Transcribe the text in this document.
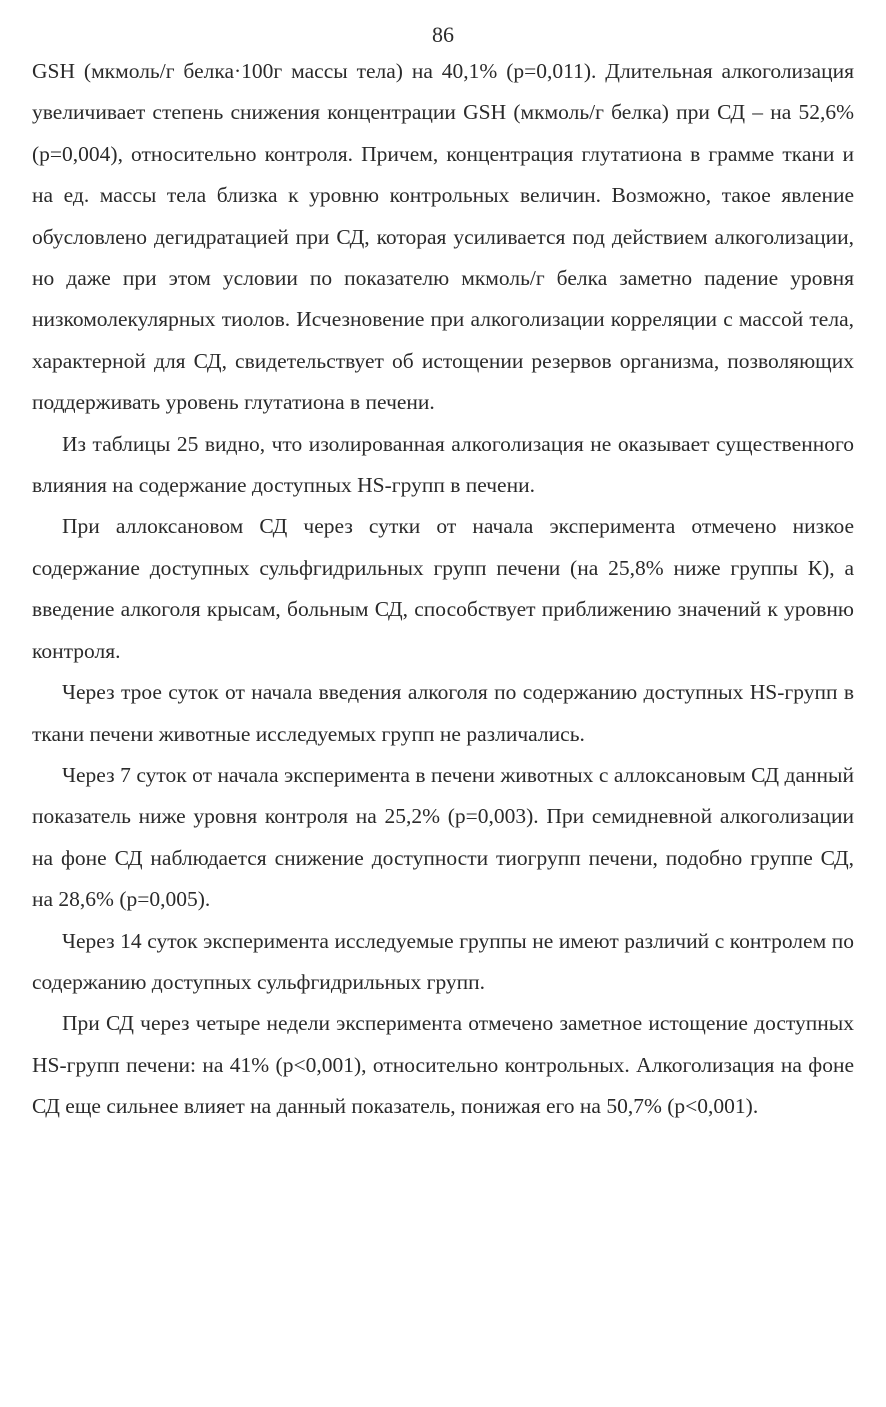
86

GSH (мкмоль/г белка·100г массы тела) на 40,1% (p=0,011). Длительная алкоголизация увеличивает степень снижения концентрации GSH (мкмоль/г белка) при СД – на 52,6% (p=0,004), относительно контроля. Причем, концентрация глутатиона в грамме ткани и на ед. массы тела близка к уровню контрольных величин. Возможно, такое явление обусловлено дегидратацией при СД, которая усиливается под действием алкоголизации, но даже при этом условии по показателю мкмоль/г белка заметно падение уровня низкомолекулярных тиолов. Исчезновение при алкоголизации корреляции с массой тела, характерной для СД, свидетельствует об истощении резервов организма, позволяющих поддерживать уровень глутатиона в печени.

Из таблицы 25 видно, что изолированная алкоголизация не оказывает существенного влияния на содержание доступных HS-групп в печени.

При аллоксановом СД через сутки от начала эксперимента отмечено низкое содержание доступных сульфгидрильных групп печени (на 25,8% ниже группы К), а введение алкоголя крысам, больным СД, способствует приближению значений к уровню контроля.

Через трое суток от начала введения алкоголя по содержанию доступных HS-групп в ткани печени животные исследуемых групп не различались.

Через 7 суток от начала эксперимента в печени животных с аллоксановым СД данный показатель ниже уровня контроля на 25,2% (p=0,003). При семидневной алкоголизации на фоне СД наблюдается снижение доступности тиогрупп печени, подобно группе СД, на 28,6% (p=0,005).

Через 14 суток эксперимента исследуемые группы не имеют различий с контролем по содержанию доступных сульфгидрильных групп.

При СД через четыре недели эксперимента отмечено заметное истощение доступных HS-групп печени: на 41% (p<0,001), относительно контрольных. Алкоголизация на фоне СД еще сильнее влияет на данный показатель, понижая его на 50,7% (p<0,001).
